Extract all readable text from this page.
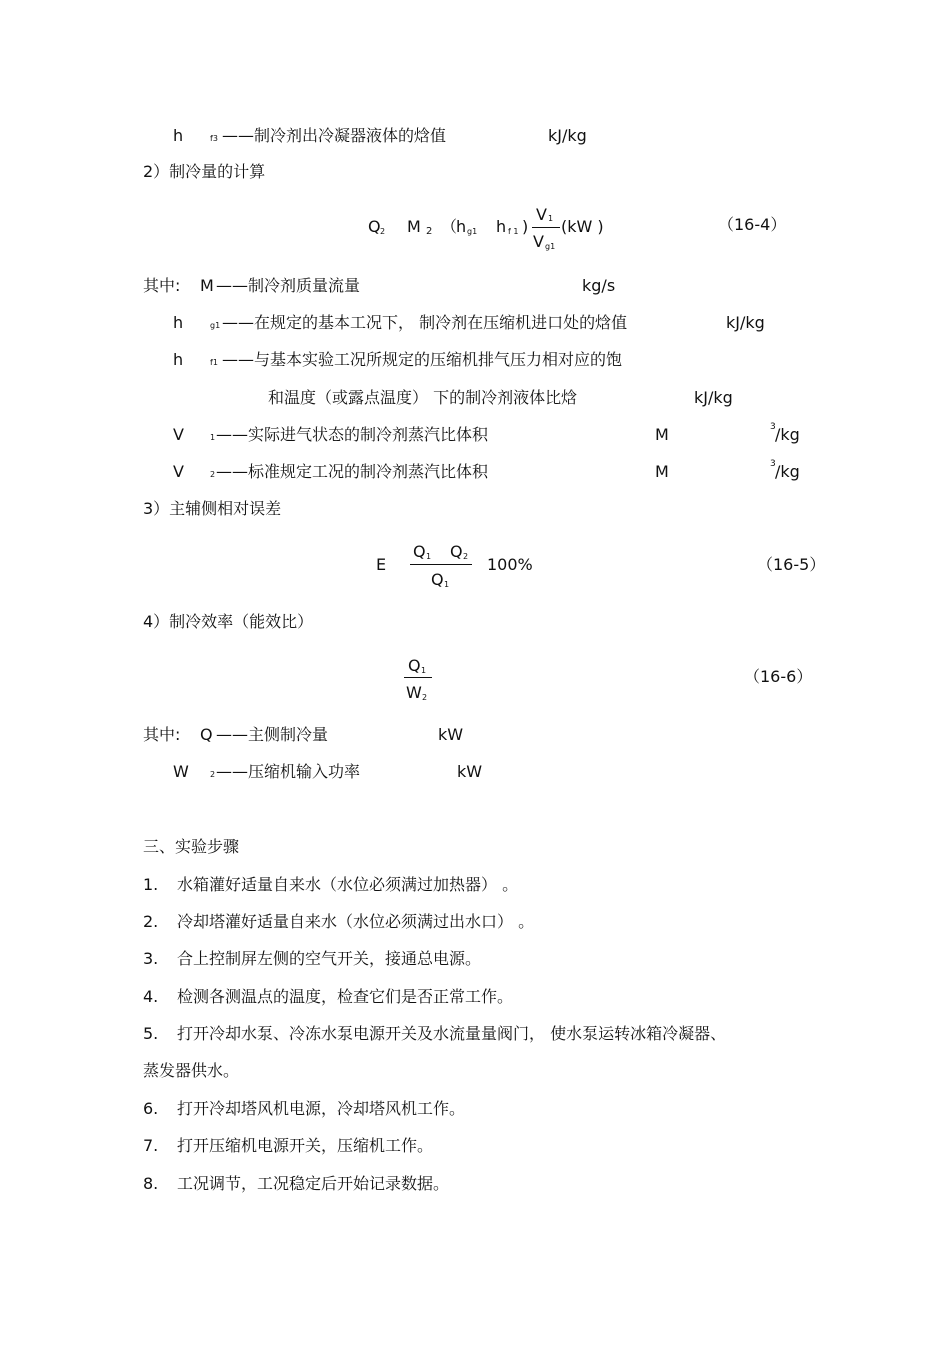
h	f3 ——制冷剂出冷凝器液体的焓值	kJ/kg
2）制冷量的计算
Q 2 M 2 （
h g1 h f 1 )
V 1
V g1
(kW )	（16-4）
其中: M ——制冷剂质量流量	kg/s
h	g1 ——在规定的基本工况下， 制冷剂在压缩机进口处的焓值	kJ/kg
h	f1 ——与基本实验工况所规定的压缩机排气压力相对应的饱
和温度（或露点温度） 下的制冷剂液体比焓	kJ/kg
V	1 ——实际进气状态的制冷剂蒸汽比体积	M	3 /kg
V	2 ——标准规定工况的制冷剂蒸汽比体积	M	3 /kg
3）主辅侧相对误差
E
Q 1 Q 2
Q 1
100%	（16-5）
4）制冷效率（能效比）
Q 1
W 2
（16-6）
其中: Q ——主侧制冷量	kW
W	2 ——压缩机输入功率	kW
三、实验步骤
1. 水箱灌好适量自来水（水位必须满过加热器） 。
2. 冷却塔灌好适量自来水（水位必须满过出水口） 。
3. 合上控制屏左侧的空气开关，接通总电源。
4. 检测各测温点的温度，检查它们是否正常工作。
5. 打开冷却水泵、冷冻水泵电源开关及水流量量阀门， 使水泵运转冰箱冷凝器、
蒸发器供水。
6. 打开冷却塔风机电源，冷却塔风机工作。
7. 打开压缩机电源开关，压缩机工作。
8. 工况调节，工况稳定后开始记录数据。
